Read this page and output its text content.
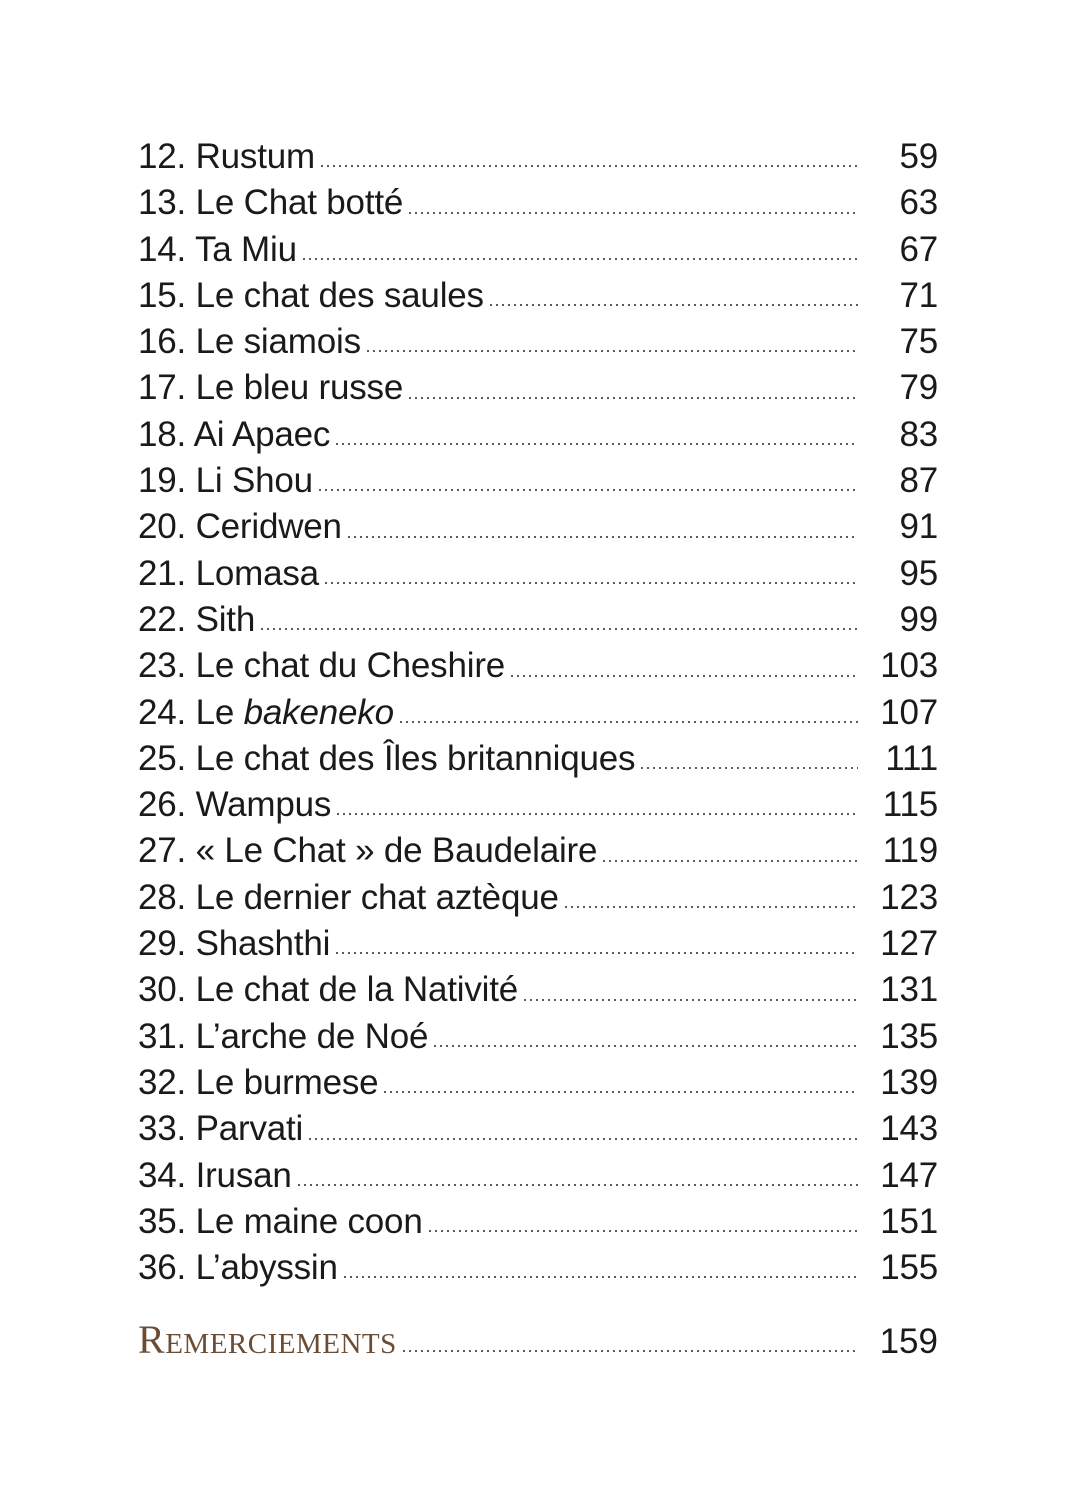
12. Rustum	59
13. Le Chat botté	63
14. Ta Miu	67
15. Le chat des saules	71
16. Le siamois	75
17. Le bleu russe	79
18. Ai Apaec	83
19. Li Shou	87
20. Ceridwen	91
21. Lomasa	95
22. Sith	99
23. Le chat du Cheshire	103
24. Le bakeneko	107
25. Le chat des Îles britanniques	111
26. Wampus	115
27. « Le Chat » de Baudelaire	119
28. Le dernier chat aztèque	123
29. Shashthi	127
30. Le chat de la Nativité	131
31. L’arche de Noé	135
32. Le burmese	139
33. Parvati	143
34. Irusan	147
35. Le maine coon	151
36. L’abyssin	155
REMERCIEMENTS	159
